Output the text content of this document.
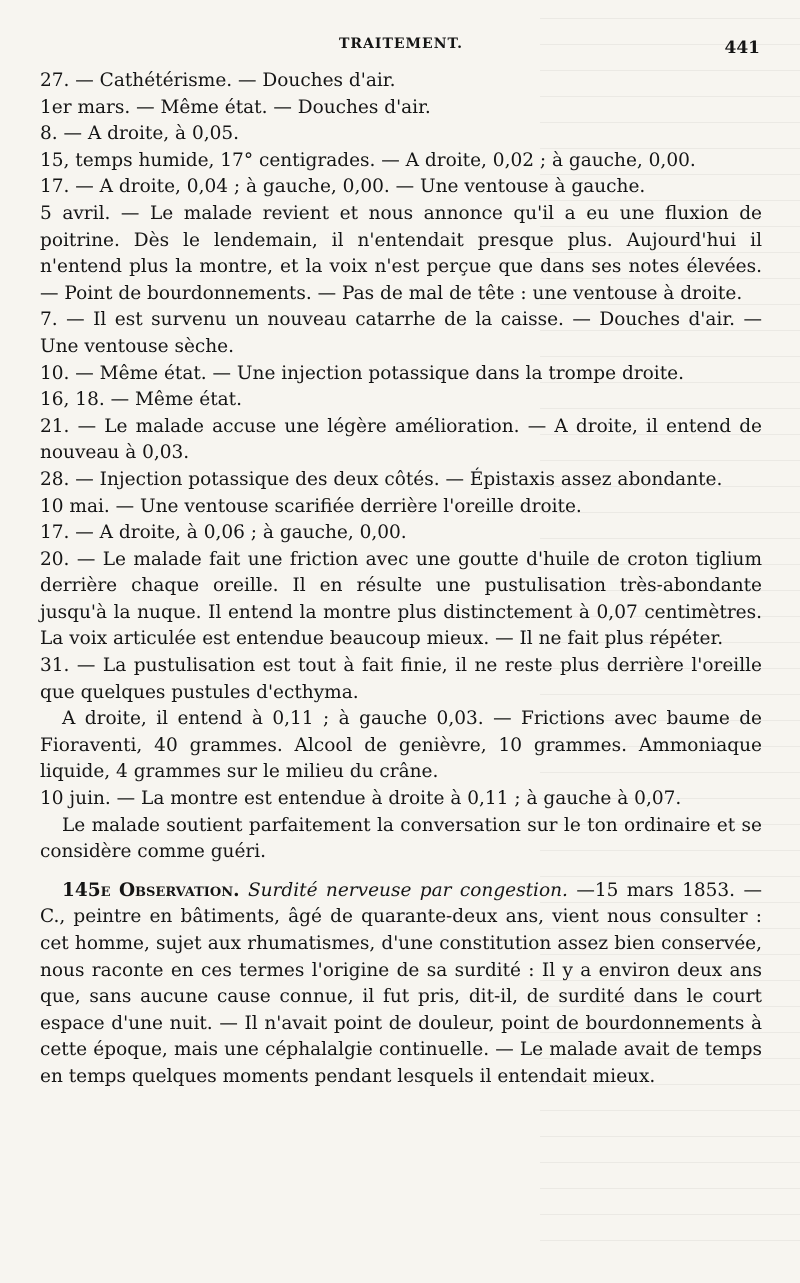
TRAITEMENT.	441

27. — Cathétérisme. — Douches d'air.

1er mars. — Même état. — Douches d'air.

8. — A droite, à 0,05.

15, temps humide, 17° centigrades. — A droite, 0,02 ; à gauche, 0,00.

17. — A droite, 0,04 ; à gauche, 0,00. — Une ventouse à gauche.

5 avril. — Le malade revient et nous annonce qu'il a eu une fluxion de poitrine. Dès le lendemain, il n'entendait presque plus. Aujourd'hui il n'entend plus la montre, et la voix n'est perçue que dans ses notes élevées. — Point de bourdonnements. — Pas de mal de tête : une ventouse à droite.

7. — Il est survenu un nouveau catarrhe de la caisse. — Douches d'air. — Une ventouse sèche.

10. — Même état. — Une injection potassique dans la trompe droite.

16, 18. — Même état.

21. — Le malade accuse une légère amélioration. — A droite, il entend de nouveau à 0,03.

28. — Injection potassique des deux côtés. — Épistaxis assez abondante.

10 mai. — Une ventouse scarifiée derrière l'oreille droite.

17. — A droite, à 0,06 ; à gauche, 0,00.

20. — Le malade fait une friction avec une goutte d'huile de croton tiglium derrière chaque oreille. Il en résulte une pustulisation très-abondante jusqu'à la nuque. Il entend la montre plus distinctement à 0,07 centimètres. La voix articulée est entendue beaucoup mieux. — Il ne fait plus répéter.

31. — La pustulisation est tout à fait finie, il ne reste plus derrière l'oreille que quelques pustules d'ecthyma.

A droite, il entend à 0,11 ; à gauche 0,03. — Frictions avec baume de Fioraventi, 40 grammes. Alcool de genièvre, 10 grammes. Ammoniaque liquide, 4 grammes sur le milieu du crâne.

10 juin. — La montre est entendue à droite à 0,11 ; à gauche à 0,07.

Le malade soutient parfaitement la conversation sur le ton ordinaire et se considère comme guéri.

145e Observation. Surdité nerveuse par congestion. —15 mars 1853. — C., peintre en bâtiments, âgé de quarante-deux ans, vient nous consulter : cet homme, sujet aux rhumatismes, d'une constitution assez bien conservée, nous raconte en ces termes l'origine de sa surdité : Il y a environ deux ans que, sans aucune cause connue, il fut pris, dit-il, de surdité dans le court espace d'une nuit. — Il n'avait point de douleur, point de bourdonnements à cette époque, mais une céphalalgie continuelle. — Le malade avait de temps en temps quelques moments pendant lesquels il entendait mieux.
